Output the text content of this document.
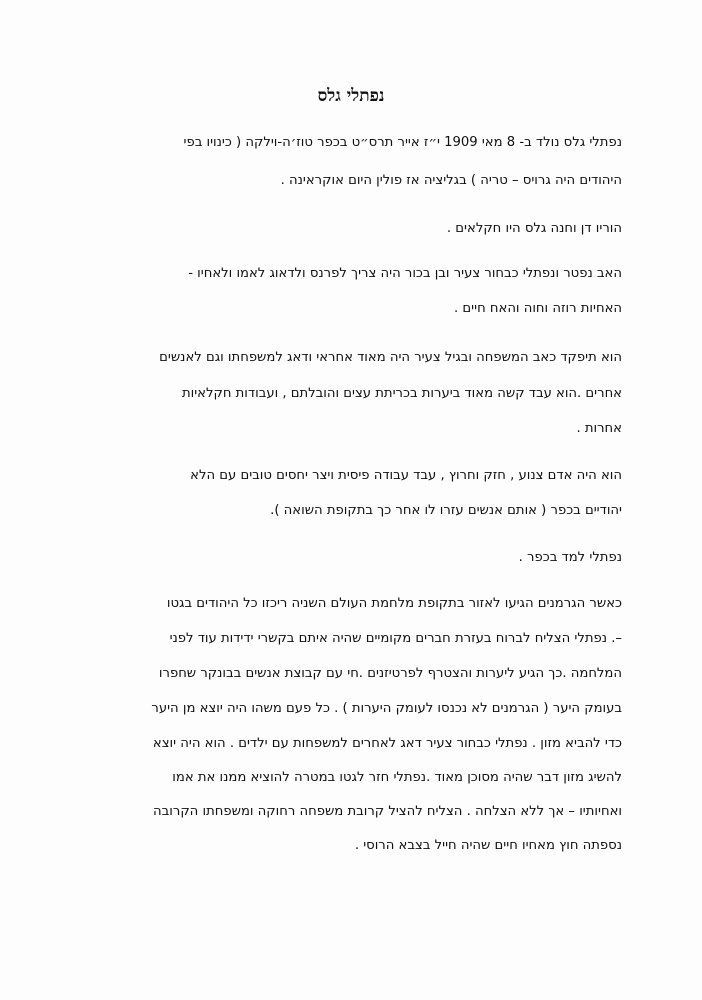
נפתלי גלס
נפתלי גלס נולד ב- 8 מאי 1909 י״ז אייר תרס״ט בכפר טוז׳ה-וילקה ( כינויו בפי
היהודים היה גרויס – טריה ) בגליציה אז פולין היום אוקראינה .
הוריו דן וחנה גלס היו חקלאים .
האב נפטר ונפתלי כבחור צעיר ובן בכור היה צריך לפרנס ולדאוג לאמו ולאחיו -
האחיות רוזה וחוה והאח חיים .
הוא תיפקד כאב המשפחה ובגיל צעיר היה מאוד אחראי ודאג למשפחתו וגם לאנשים
אחרים .הוא עבד קשה מאוד ביערות בכריתת עצים והובלתם , ועבודות חקלאיות
אחרות .
הוא היה אדם צנוע , חזק וחרוץ , עבד עבודה פיסית ויצר יחסים טובים עם הלא
יהודיים בכפר ( אותם אנשים עזרו לו אחר כך בתקופת השואה ).
נפתלי למד בכפר .
כאשר הגרמנים הגיעו לאזור בתקופת מלחמת העולם השניה ריכזו כל היהודים בגטו
–. נפתלי הצליח לברוח בעזרת חברים מקומיים שהיה איתם בקשרי ידידות עוד לפני
המלחמה .כך הגיע ליערות והצטרף לפרטיזנים .חי עם קבוצת אנשים בבונקר שחפרו
בעומק היער ( הגרמנים לא נכנסו לעומק היערות ) . כל פעם משהו היה יוצא מן היער
כדי להביא מזון . נפתלי כבחור צעיר דאג לאחרים למשפחות עם ילדים . הוא היה יוצא
להשיג מזון דבר שהיה מסוכן מאוד .נפתלי חזר לגטו במטרה להוציא ממנו את אמו
ואחיותיו – אך ללא הצלחה . הצליח להציל קרובת משפחה רחוקה ומשפחתו הקרובה
נספתה חוץ מאחיו חיים שהיה חייל בצבא הרוסי .
